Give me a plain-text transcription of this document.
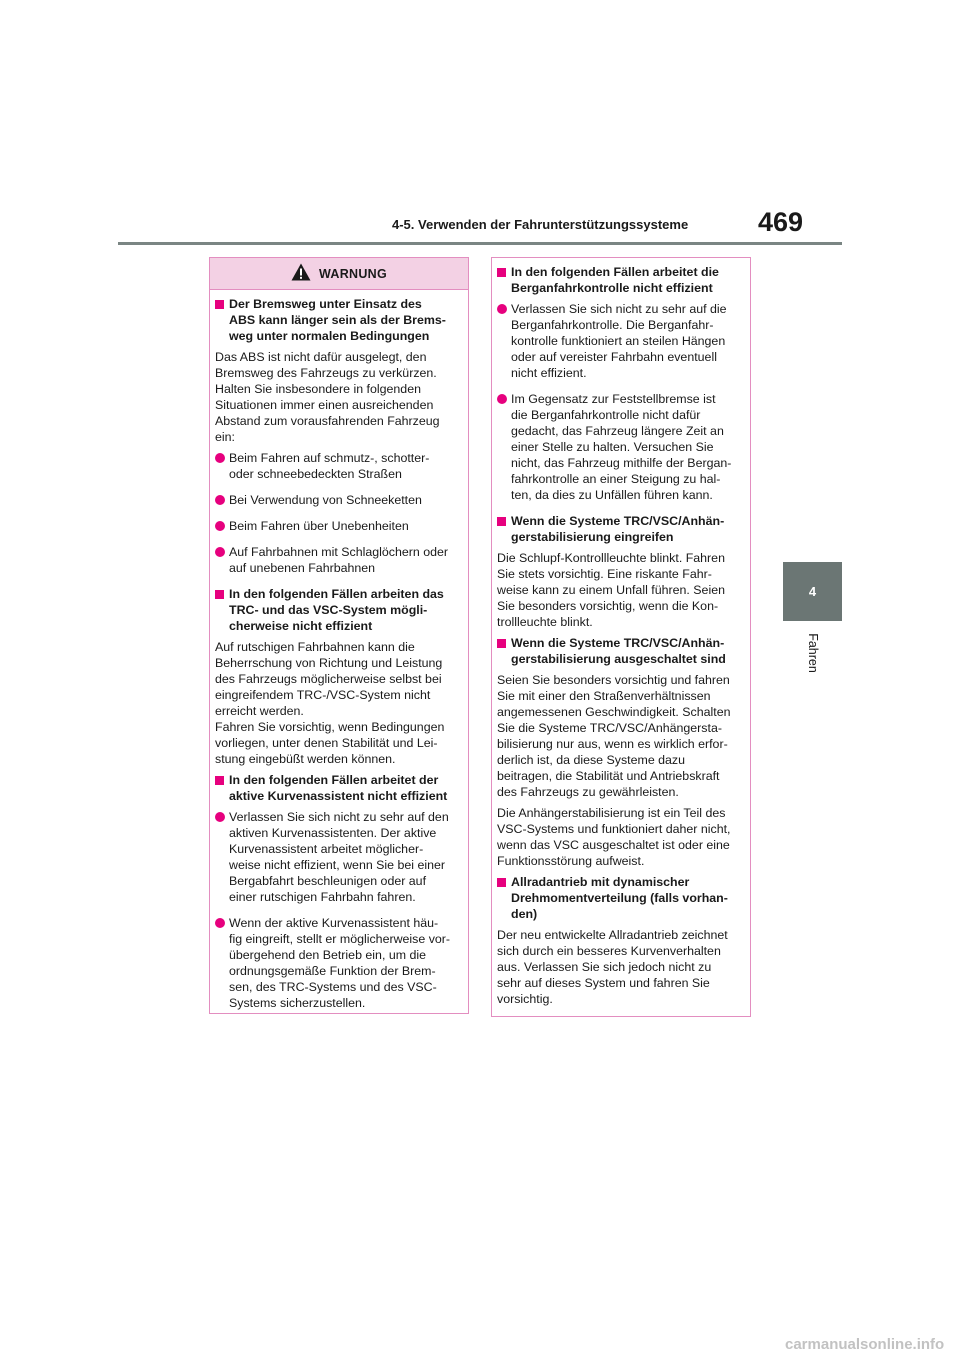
4-5. Verwenden der Fahrunterstützungssysteme	469
4
Fahren
WARNUNG
Der Bremsweg unter Einsatz des
ABS kann länger sein als der Brems-
weg unter normalen Bedingungen
Das ABS ist nicht dafür ausgelegt, den
Bremsweg des Fahrzeugs zu verkürzen.
Halten Sie insbesondere in folgenden
Situationen immer einen ausreichenden
Abstand zum vorausfahrenden Fahrzeug
ein:
Beim Fahren auf schmutz-, schotter-
oder schneebedeckten Straßen
Bei Verwendung von Schneeketten
Beim Fahren über Unebenheiten
Auf Fahrbahnen mit Schlaglöchern oder
auf unebenen Fahrbahnen
In den folgenden Fällen arbeiten das
TRC- und das VSC-System mögli-
cherweise nicht effizient
Auf rutschigen Fahrbahnen kann die
Beherrschung von Richtung und Leistung
des Fahrzeugs möglicherweise selbst bei
eingreifendem TRC-/VSC-System nicht
erreicht werden.
Fahren Sie vorsichtig, wenn Bedingungen
vorliegen, unter denen Stabilität und Lei-
stung eingebüßt werden können.
In den folgenden Fällen arbeitet der
aktive Kurvenassistent nicht effizient
Verlassen Sie sich nicht zu sehr auf den
aktiven Kurvenassistenten. Der aktive
Kurvenassistent arbeitet möglicher-
weise nicht effizient, wenn Sie bei einer
Bergabfahrt beschleunigen oder auf
einer rutschigen Fahrbahn fahren.
Wenn der aktive Kurvenassistent häu-
fig eingreift, stellt er möglicherweise vor-
übergehend den Betrieb ein, um die
ordnungsgemäße Funktion der Brem-
sen, des TRC-Systems und des VSC-
Systems sicherzustellen.
In den folgenden Fällen arbeitet die
Berganfahrkontrolle nicht effizient
Verlassen Sie sich nicht zu sehr auf die
Berganfahrkontrolle. Die Berganfahr-
kontrolle funktioniert an steilen Hängen
oder auf vereister Fahrbahn eventuell
nicht effizient.
Im Gegensatz zur Feststellbremse ist
die Berganfahrkontrolle nicht dafür
gedacht, das Fahrzeug längere Zeit an
einer Stelle zu halten. Versuchen Sie
nicht, das Fahrzeug mithilfe der Bergan-
fahrkontrolle an einer Steigung zu hal-
ten, da dies zu Unfällen führen kann.
Wenn die Systeme TRC/VSC/Anhän-
gerstabilisierung eingreifen
Die Schlupf-Kontrollleuchte blinkt. Fahren
Sie stets vorsichtig. Eine riskante Fahr-
weise kann zu einem Unfall führen. Seien
Sie besonders vorsichtig, wenn die Kon-
trollleuchte blinkt.
Wenn die Systeme TRC/VSC/Anhän-
gerstabilisierung ausgeschaltet sind
Seien Sie besonders vorsichtig und fahren
Sie mit einer den Straßenverhältnissen
angemessenen Geschwindigkeit. Schalten
Sie die Systeme TRC/VSC/Anhängersta-
bilisierung nur aus, wenn es wirklich erfor-
derlich ist, da diese Systeme dazu
beitragen, die Stabilität und Antriebskraft
des Fahrzeugs zu gewährleisten.
Die Anhängerstabilisierung ist ein Teil des
VSC-Systems und funktioniert daher nicht,
wenn das VSC ausgeschaltet ist oder eine
Funktionsstörung aufweist.
Allradantrieb mit dynamischer
Drehmomentverteilung (falls vorhan-
den)
Der neu entwickelte Allradantrieb zeichnet
sich durch ein besseres Kurvenverhalten
aus. Verlassen Sie sich jedoch nicht zu
sehr auf dieses System und fahren Sie
vorsichtig.
carmanualsonline.info
